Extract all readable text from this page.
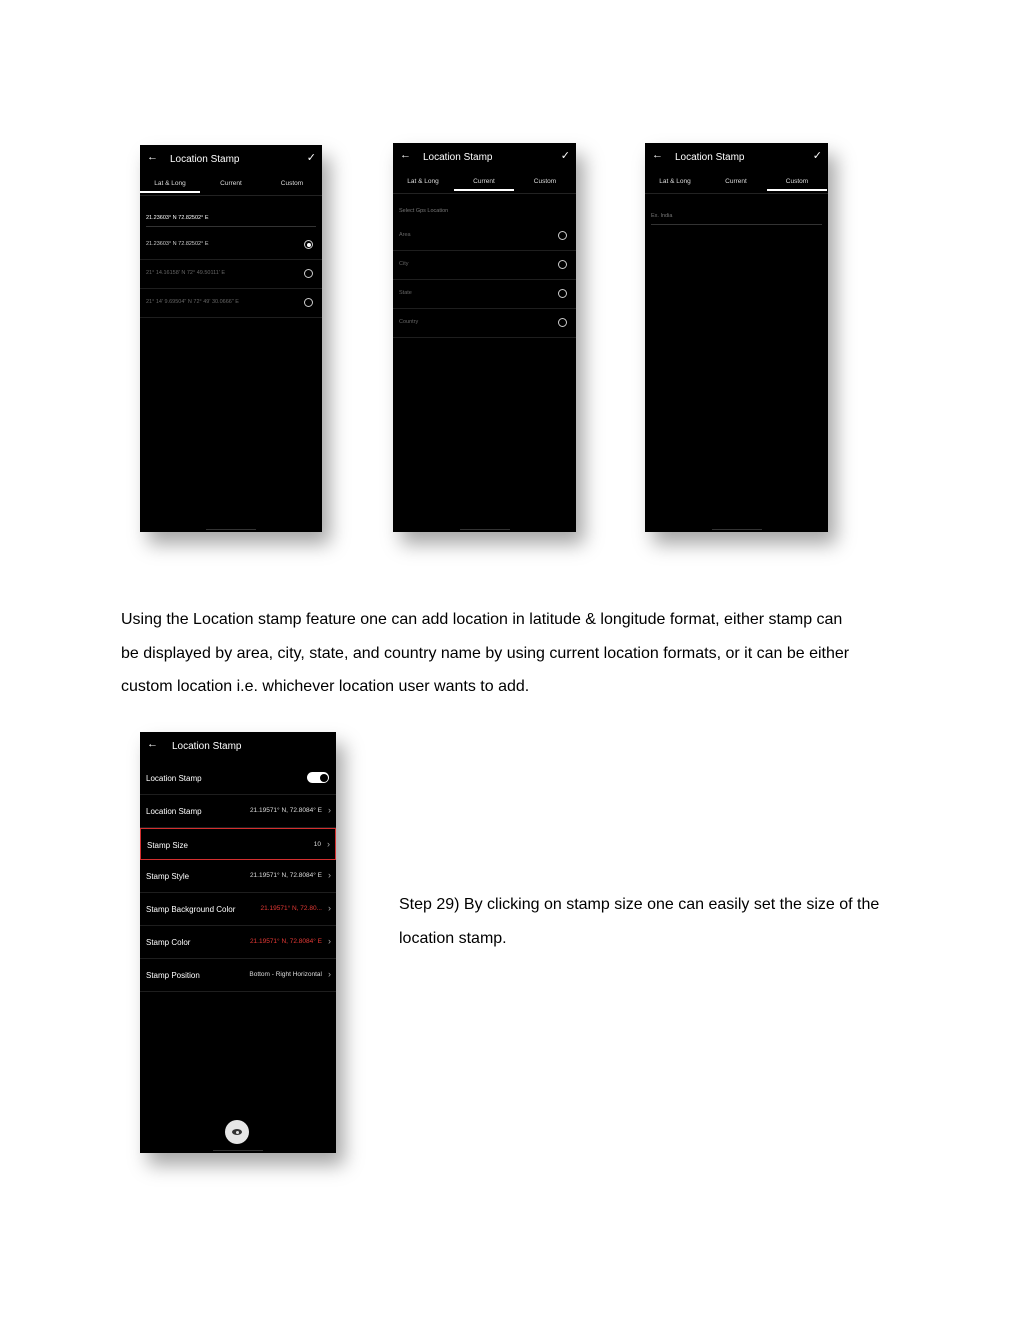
← Location Stamp	✓
Lat & Long	Current	Custom
21.23603° N 72.82502° E
21.23603° N 72.82502° E
21° 14.16158' N 72° 49.50111' E
21° 14' 9.69504" N 72° 49' 30.0666" E
← Location Stamp	✓
Lat & Long	Current	Custom
Select Gps Location
Area
City
State
Country
← Location Stamp	✓
Lat & Long	Current	Custom
Ex. India

Using the Location stamp feature one can add location in latitude & longitude format, either stamp can

be displayed by area, city, state, and country name by using current location formats, or it can be either

custom location i.e. whichever location user wants to add.

← Location Stamp
Location Stamp
Location Stamp	21.19571° N, 72.8084° E ›
Stamp Size	10 ›
Stamp Style	21.19571° N, 72.8084° E ›
Stamp Background Color	21.19571° N, 72.80... ›
Stamp Color	21.19571° N, 72.8084° E ›
Stamp Position	Bottom - Right Horizontal ›

Step 29) By clicking on stamp size one can easily set the size of the

location stamp.
